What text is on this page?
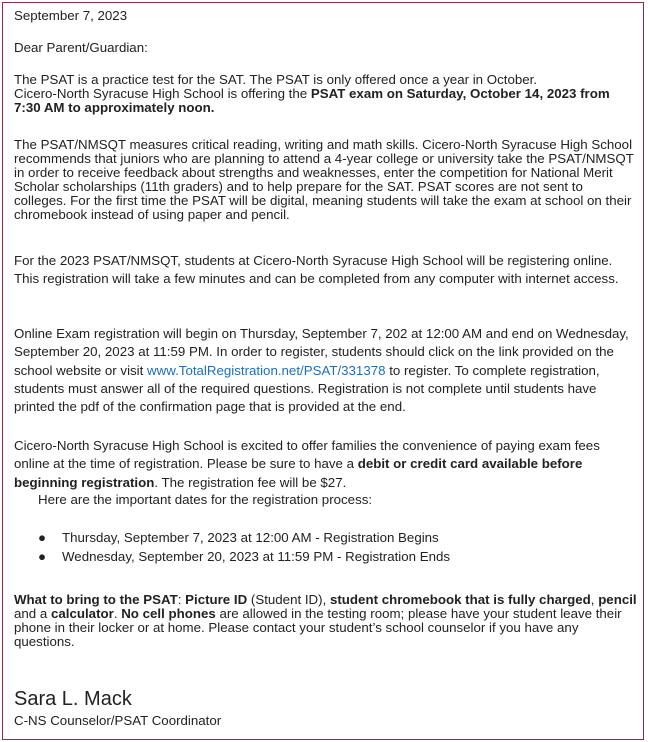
September 7, 2023

Dear Parent/Guardian:

The PSAT is a practice test for the SAT. The PSAT is only offered once a year in October.
Cicero-North Syracuse High School is offering the PSAT exam on Saturday, October 14, 2023 from 7:30 AM to approximately noon.

The PSAT/NMSQT measures critical reading, writing and math skills. Cicero-North Syracuse High School recommends that juniors who are planning to attend a 4-year college or university take the PSAT/NMSQT in order to receive feedback about strengths and weaknesses, enter the competition for National Merit Scholar scholarships (11th graders) and to help prepare for the SAT. PSAT scores are not sent to colleges. For the first time the PSAT will be digital, meaning students will take the exam at school on their chromebook instead of using paper and pencil.

For the 2023 PSAT/NMSQT, students at Cicero-North Syracuse High School will be registering online. This registration will take a few minutes and can be completed from any computer with internet access.

Online Exam registration will begin on Thursday, September 7, 202 at 12:00 AM and end on Wednesday, September 20, 2023 at 11:59 PM. In order to register, students should click on the link provided on the school website or visit www.TotalRegistration.net/PSAT/331378 to register. To complete registration, students must answer all of the required questions. Registration is not complete until students have printed the pdf of the confirmation page that is provided at the end.

Cicero-North Syracuse High School is excited to offer families the convenience of paying exam fees online at the time of registration. Please be sure to have a debit or credit card available before beginning registration. The registration fee will be $27.

Here are the important dates for the registration process:

● Thursday, September 7, 2023 at 12:00 AM - Registration Begins
● Wednesday, September 20, 2023 at 11:59 PM - Registration Ends

What to bring to the PSAT: Picture ID (Student ID), student chromebook that is fully charged, pencil and a calculator. No cell phones are allowed in the testing room; please have your student leave their phone in their locker or at home. Please contact your student’s school counselor if you have any questions.

Sara L. Mack

C-NS Counselor/PSAT Coordinator
